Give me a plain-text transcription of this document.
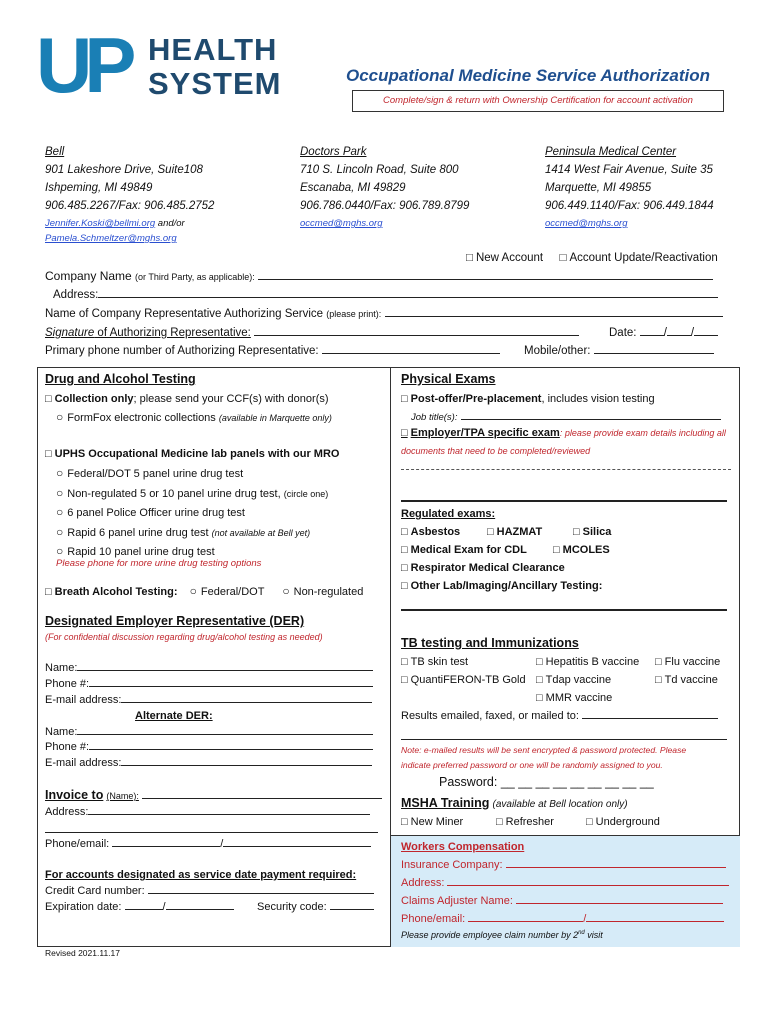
UP HEALTH
SYSTEM	Occupational Medicine Service Authorization
Complete/sign & return with Ownership Certification for account activation
Bell
901 Lakeshore Drive, Suite108
Ishpeming, MI 49849
906.485.2267/Fax: 906.485.2752
Jennifer.Koski@bellmi.org and/or
Pamela.Schmeltzer@mghs.org
Doctors Park
710 S. Lincoln Road, Suite 800
Escanaba, MI 49829
906.786.0440/Fax: 906.789.8799
occmed@mghs.org
Peninsula Medical Center
1414 West Fair Avenue, Suite 35
Marquette, MI 49855
906.449.1140/Fax: 906.449.1844
occmed@mghs.org
□ New Account □ Account Update/Reactivation
Company Name (or Third Party, as applicable):
Address:
Name of Company Representative Authorizing Service (please print):
Signature of Authorizing Representative:	Date: / /
Primary phone number of Authorizing Representative:	Mobile/other:
Drug and Alcohol Testing
□ Collection only; please send your CCF(s) with donor(s)
○ FormFox electronic collections (available in Marquette only)
□ UPHS Occupational Medicine lab panels with our MRO
○ Federal/DOT 5 panel urine drug test
○ Non-regulated 5 or 10 panel urine drug test, (circle one)
○ 6 panel Police Officer urine drug test
○ Rapid 6 panel urine drug test (not available at Bell yet)
○ Rapid 10 panel urine drug test
Please phone for more urine drug testing options
□ Breath Alcohol Testing: ○ Federal/DOT	○ Non-regulated
Designated Employer Representative (DER)
(For confidential discussion regarding drug/alcohol testing as needed)
Name:
Phone #:
E-mail address:
Alternate DER:
Name:
Phone #:
E-mail address:
Invoice to (Name):
Address:
Phone/email:	/
For accounts designated as service date payment required:
Credit Card number:
Expiration date:	/	Security code:
Physical Exams
□ Post-offer/Pre-placement, includes vision testing
Job title(s):
□ Employer/TPA specific exam: please provide exam details including all
documents that need to be completed/reviewed
Regulated exams:
□ Asbestos	□ HAZMAT	□ Silica
□ Medical Exam for CDL	□ MCOLES
□ Respirator Medical Clearance
□ Other Lab/Imaging/Ancillary Testing:
TB testing and Immunizations
□ TB skin test	□ Hepatitis B vaccine	□ Flu vaccine
□ QuantiFERON-TB Gold	□ Tdap vaccine	□ Td vaccine
□ MMR vaccine
Results emailed, faxed, or mailed to:
Note: e-mailed results will be sent encrypted & password protected. Please
indicate preferred password or one will be randomly assigned to you.
Password: __ __ __ __ __ __ __ __ __
MSHA Training (available at Bell location only)
□ New Miner	□ Refresher	□ Underground
Workers Compensation
Insurance Company:
Address:
Claims Adjuster Name:
Phone/email:	/
Please provide employee claim number by 2nd visit
Revised 2021.11.17
